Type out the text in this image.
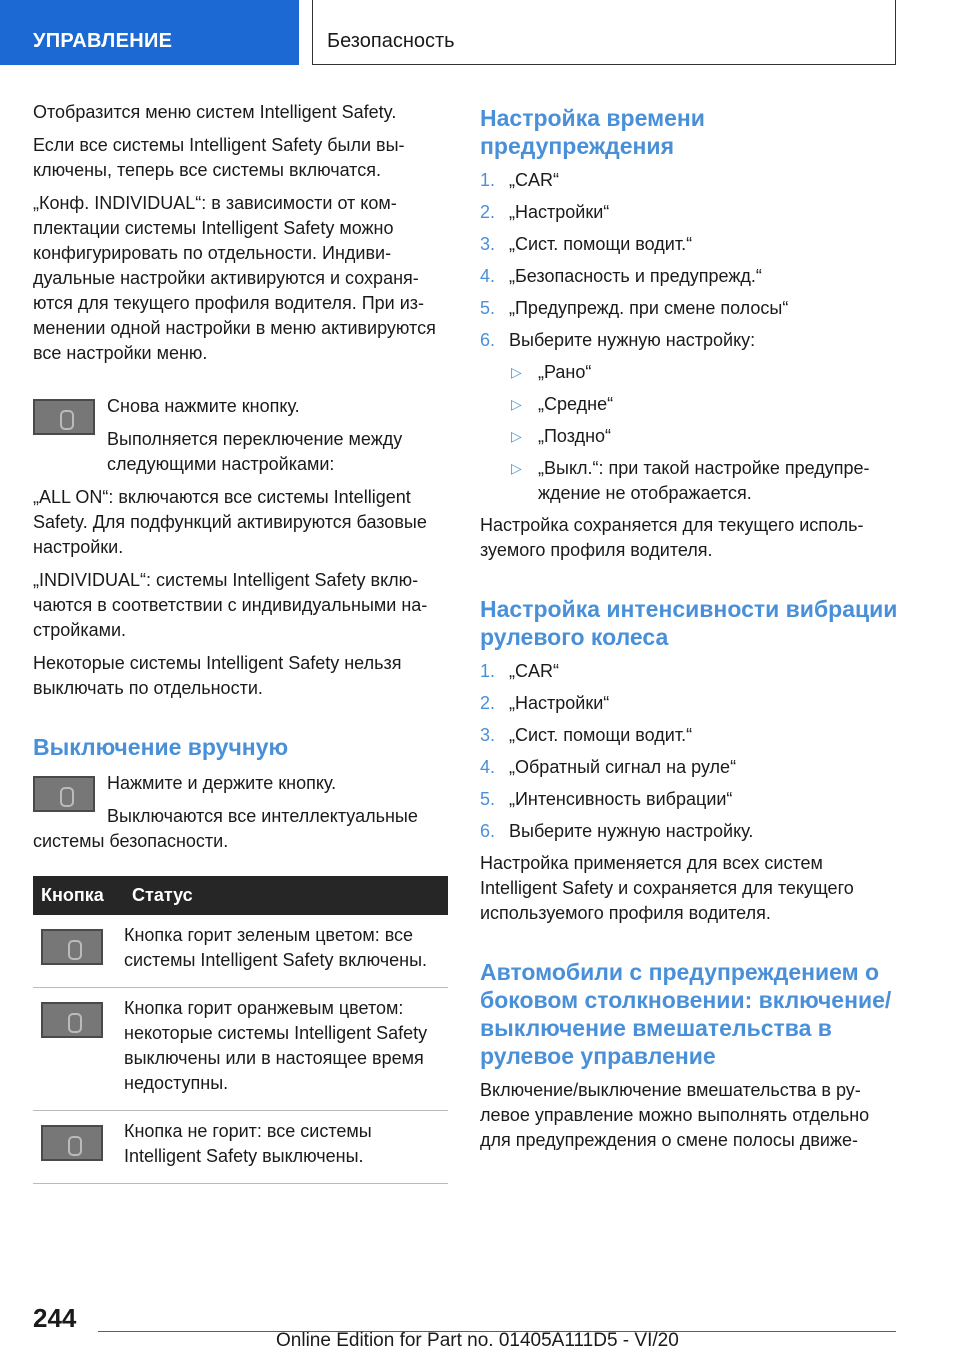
УПРАВЛЕНИЕ	Безопасность

Отобразится меню систем Intelligent Safety.

Если все системы Intelligent Safety были выключены, теперь все системы включатся.

„Конф. INDIVIDUAL“: в зависимости от комплектации системы Intelligent Safety можно конфигурировать по отдельности. Индивидуальные настройки активируются и сохраняются для текущего профиля водителя. При изменении одной настройки в меню активируются все настройки меню.

Снова нажмите кнопку.

Выполняется переключение между следующими настройками:

„ALL ON“: включаются все системы Intelligent Safety. Для подфункций активируются базовые настройки.

„INDIVIDUAL“: системы Intelligent Safety включаются в соответствии с индивидуальными настройками.

Некоторые системы Intelligent Safety нельзя выключать по отдельности.

Выключение вручную

Нажмите и держите кнопку.

Выключаются все интеллектуальные системы безопасности.

Кнопка	Статус

	Кнопка горит зеленым цветом: все системы Intelligent Safety включены.

	Кнопка горит оранжевым цветом: некоторые системы Intelligent Safety выключены или в настоящее время недоступны.

	Кнопка не горит: все системы Intelligent Safety выключены.
Настройка времени предупреждения
1. „CAR“
2. „Настройки“
3. „Сист. помощи водит.“
4. „Безопасность и предупрежд.“
5. „Предупрежд. при смене полосы“
6. Выберите нужную настройку:
▷ „Рано“
▷ „Средне“
▷ „Поздно“
▷ „Выкл.“: при такой настройке предупреждение не отображается.

Настройка сохраняется для текущего используемого профиля водителя.

Настройка интенсивности вибрации рулевого колеса
1. „CAR“
2. „Настройки“
3. „Сист. помощи водит.“
4. „Обратный сигнал на руле“
5. „Интенсивность вибрации“
6. Выберите нужную настройку.

Настройка применяется для всех систем Intelligent Safety и сохраняется для текущего используемого профиля водителя.

Автомобили с предупреждением о боковом столкновении: включение/выключение вмешательства в рулевое управление

Включение/выключение вмешательства в рулевое управление можно выполнять отдельно для предупреждения о смене полосы движе-

244
Online Edition for Part no. 01405A111D5 - VI/20
